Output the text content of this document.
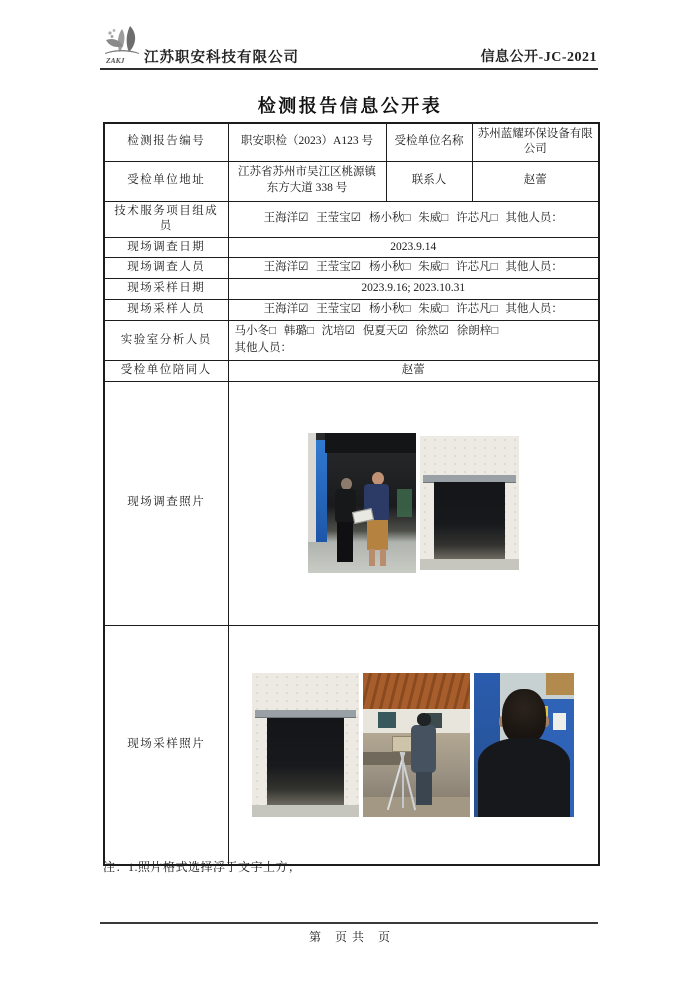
ZAKJ 江苏职安科技有限公司	信息公开-JC-2021
检测报告信息公开表
检测报告编号	职安职检（2023）A123 号	受检单位名称	苏州蓝耀环保设备有限公司
受检单位地址	江苏省苏州市吴江区桃源镇东方大道 338 号	联系人	赵蕾
技术服务项目组成员	王海洋☑ 王莹宝☑ 杨小秋□ 朱威□ 许芯凡□ 其他人员：		
现场调查日期	2023.9.14		
现场调查人员	王海洋☑ 王莹宝☑ 杨小秋□ 朱威□ 许芯凡□ 其他人员：		
现场采样日期	2023.9.16; 2023.10.31		
现场采样人员	王海洋☑ 王莹宝☑ 杨小秋□ 朱威□ 许芯凡□ 其他人员：		
实验室分析人员	马小冬□ 韩璐□ 沈培☑ 倪夏天☑ 徐然☑ 徐朗梓□
其他人员：		

受检单位陪同人	赵蕾		
现场调查照片			

现场采样照片			
注：1.照片格式选择浮于文字上方；
第　页 共　页
